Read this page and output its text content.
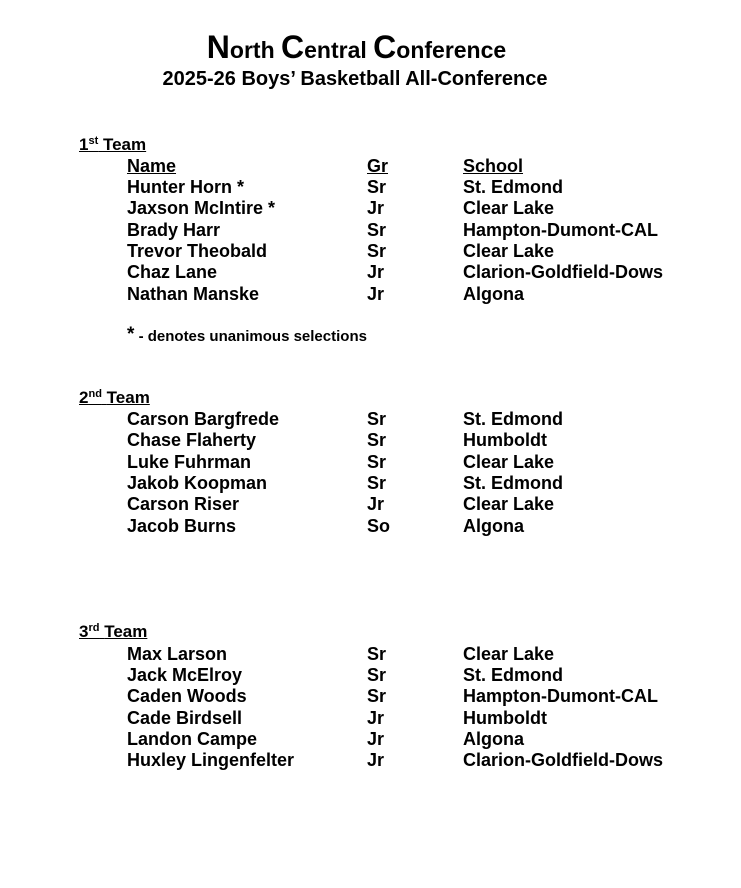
North Central Conference
2025-26 Boys’ Basketball All-Conference
1st Team
Name	Gr	School
Hunter Horn *	Sr	St. Edmond
Jaxson McIntire *	Jr	Clear Lake
Brady Harr	Sr	Hampton-Dumont-CAL
Trevor Theobald	Sr	Clear Lake
Chaz Lane	Jr	Clarion-Goldfield-Dows
Nathan Manske	Jr	Algona
* - denotes unanimous selections
2nd Team
Carson Bargfrede	Sr	St. Edmond
Chase Flaherty	Sr	Humboldt
Luke Fuhrman	Sr	Clear Lake
Jakob Koopman	Sr	St. Edmond
Carson Riser	Jr	Clear Lake
Jacob Burns	So	Algona
3rd Team
Max Larson	Sr	Clear Lake
Jack McElroy	Sr	St. Edmond
Caden Woods	Sr	Hampton-Dumont-CAL
Cade Birdsell	Jr	Humboldt
Landon Campe	Jr	Algona
Huxley Lingenfelter	Jr	Clarion-Goldfield-Dows
